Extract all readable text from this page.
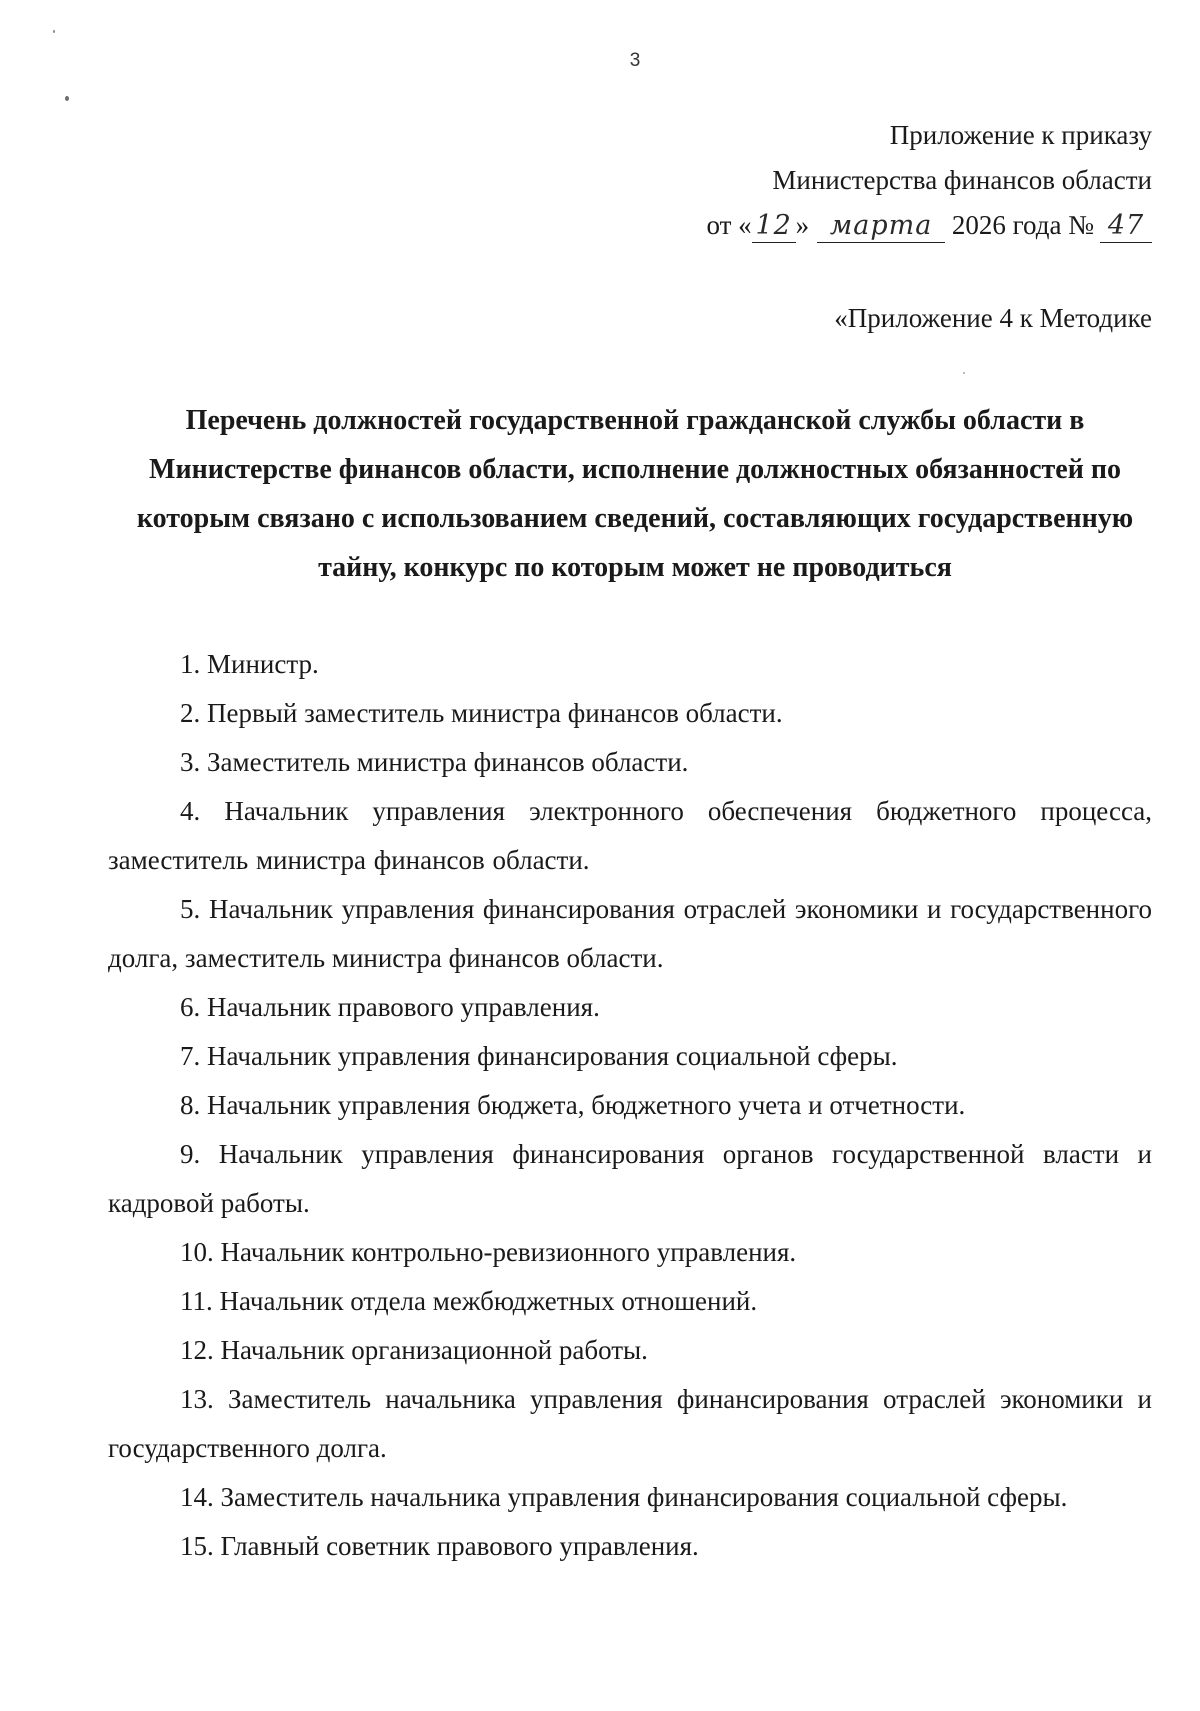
3
Приложение к приказу
Министерства финансов области
от « 12 » марта 2026 года № 47
«Приложение 4 к Методике
Перечень должностей государственной гражданской службы области в Министерстве финансов области, исполнение должностных обязанностей по которым связано с использованием сведений, составляющих государственную тайну, конкурс по которым может не проводиться
1. Министр.
2. Первый заместитель министра финансов области.
3. Заместитель министра финансов области.
4. Начальник управления электронного обеспечения бюджетного процесса, заместитель министра финансов области.
5. Начальник управления финансирования отраслей экономики и государственного долга, заместитель министра финансов области.
6. Начальник правового управления.
7. Начальник управления финансирования социальной сферы.
8. Начальник управления бюджета, бюджетного учета и отчетности.
9. Начальник управления финансирования органов государственной власти и кадровой работы.
10. Начальник контрольно-ревизионного управления.
11. Начальник отдела межбюджетных отношений.
12. Начальник организационной работы.
13. Заместитель начальника управления финансирования отраслей экономики и государственного долга.
14. Заместитель начальника управления финансирования социальной сферы.
15. Главный советник правового управления.
